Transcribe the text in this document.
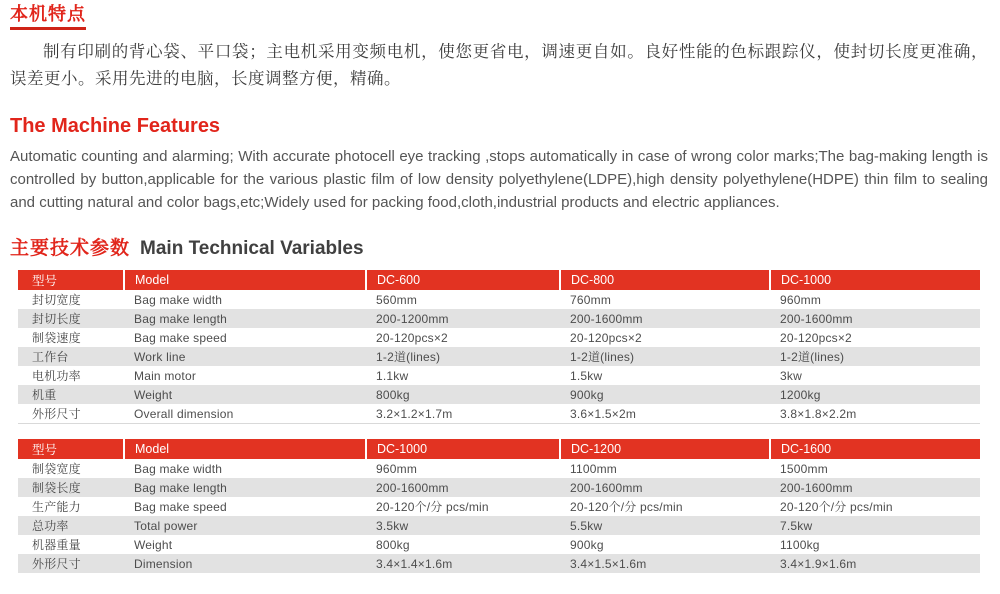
本机特点

制有印刷的背心袋、平口袋；主电机采用变频电机，使您更省电，调速更自如。良好性能的色标跟踪仪，使封切长度更准确，误差更小。采用先进的电脑，长度调整方便，精确。

The Machine Features

Automatic counting and alarming; With accurate photocell eye tracking ,stops automatically in case of wrong color marks;The bag-making length is controlled by button,applicable for the various plastic film of low density polyethylene(LDPE),high density polyethylene(HDPE) thin film to sealing and cutting natural and color bags,etc;Widely used for packing food,cloth,industrial products and electric appliances.

主要技术参数 Main Technical Variables
型号	Model	DC-600	DC-800	DC-1000
封切宽度	Bag make width	560mm	760mm	960mm
封切长度	Bag make length	200-1200mm	200-1600mm	200-1600mm
制袋速度	Bag make speed	20-120pcs×2	20-120pcs×2	20-120pcs×2
工作台	Work line	1-2道(lines)	1-2道(lines)	1-2道(lines)
电机功率	Main motor	1.1kw	1.5kw	3kw
机重	Weight	800kg	900kg	1200kg
外形尺寸	Overall dimension	3.2×1.2×1.7m	3.6×1.5×2m	3.8×1.8×2.2m
型号	Model	DC-1000	DC-1200	DC-1600
制袋宽度	Bag make width	960mm	1100mm	1500mm
制袋长度	Bag make length	200-1600mm	200-1600mm	200-1600mm
生产能力	Bag make speed	20-120个/分 pcs/min	20-120个/分 pcs/min	20-120个/分 pcs/min
总功率	Total power	3.5kw	5.5kw	7.5kw
机器重量	Weight	800kg	900kg	1100kg
外形尺寸	Dimension	3.4×1.4×1.6m	3.4×1.5×1.6m	3.4×1.9×1.6m
